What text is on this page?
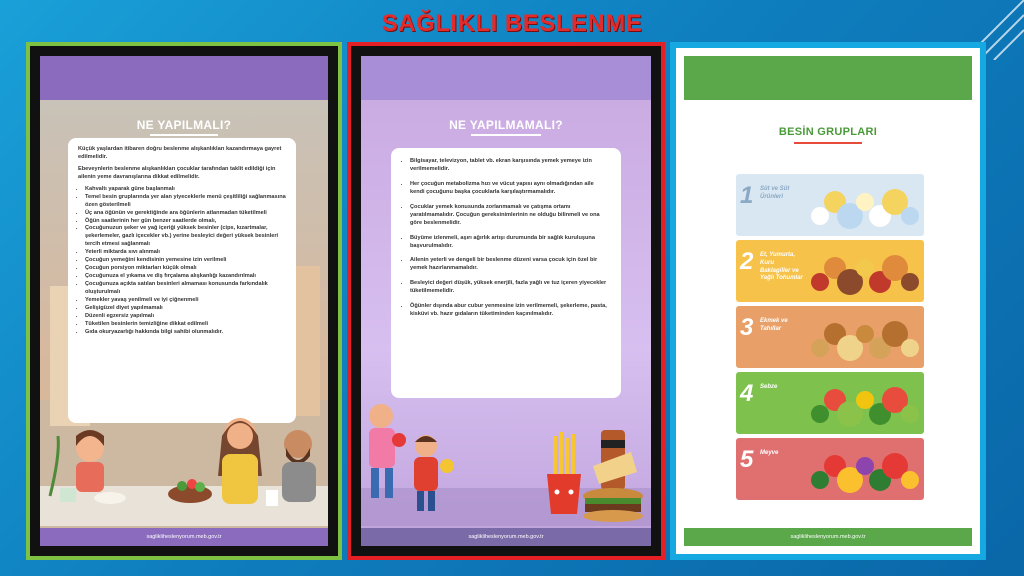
SAĞLIKLI BESLENME
NE YAPILMALI?

Küçük yaşlardan itibaren doğru beslenme alışkanlıkları kazandırmaya gayret edilmelidir.

Ebeveynlerin beslenme alışkanlıkları çocuklar tarafından taklit edildiği için ailenin yeme davranışlarına dikkat edilmelidir.

• Kahvaltı yaparak güne başlanmalı
• Temel besin gruplarında yer alan yiyeceklerle menü çeşitliliği sağlanmasına özen gösterilmeli
• Üç ana öğünün ve gerektiğinde ara öğünlerin atlanmadan tüketilmeli
• Öğün saatlerinin her gün benzer saatlerde olmalı,
• Çocuğunuzun şeker ve yağ içeriği yüksek besinler (cips, kızartmalar, şekerlemeler, gazlı içecekler vb.) yerine besleyici değeri yüksek besinleri tercih etmesi sağlanmalı
• Yeterli miktarda sıvı alınmalı
• Çocuğun yemeğini kendisinin yemesine izin verilmeli
• Çocuğun porsiyon miktarları küçük olmalı
• Çocuğunuza el yıkama ve diş fırçalama alışkanlığı kazandırılmalı
• Çocuğunuza açıkta satılan besinleri almaması konusunda farkındalık oluşturulmalı
• Yemekler yavaş yenilmeli ve iyi çiğnenmeli
• Gelişigüzel diyet yapılmamalı
• Düzenli egzersiz yapılmalı
• Tüketilen besinlerin temizliğine dikkat edilmeli
• Gıda okuryazarlığı hakkında bilgi sahibi olunmalıdır.
saglikliheslenyorum.meb.gov.tr
NE YAPILMAMALI?
• Bilgisayar, televizyon, tablet vb. ekran karşısında yemek yemeye izin verilmemelidir.
• Her çocuğun metabolizma hızı ve vücut yapısı aynı olmadığından aile kendi çocuğunu başka çocuklarla karşılaştırmamalıdır.
• Çocuklar yemek konusunda zorlanmamalı ve çatışma ortamı yaratılmamalıdır. Çocuğun gereksinimlerinin ne olduğu bilinmeli ve ona göre beslenmelidir.
• Büyüme izlenmeli, aşırı ağırlık artışı durumunda bir sağlık kuruluşuna başvurulmalıdır.
• Ailenin yeterli ve dengeli bir beslenme düzeni varsa çocuk için özel bir yemek hazırlanmamalıdır.
• Besleyici değeri düşük, yüksek enerjili, fazla yağlı ve tuz içeren yiyecekler tüketilmemelidir.
• Öğünler dışında abur cubur yenmesine izin verilmemeli, şekerleme, pasta, kisküvi vb. hazır gıdaların tüketiminden kaçınılmalıdır.
saglikliheslenyorum.meb.gov.tr
BESİN GRUPLARI
1 Süt ve Süt Ürünleri
2 Et, Yumurta, Kuru Baklagiller ve Yağlı Tohumlar
3 Ekmek ve Tahıllar
4 Sebze
5 Meyve
saglikliheslenyorum.meb.gov.tr
